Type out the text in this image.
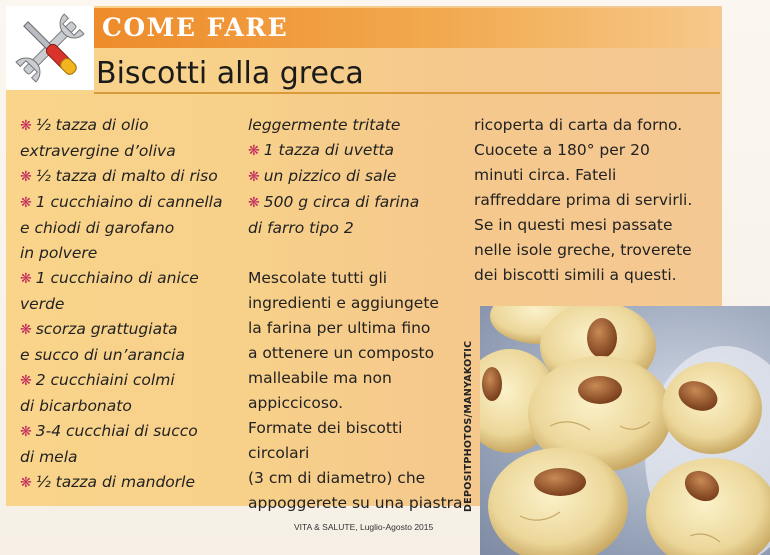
COME FARE
Biscotti alla greca
❋ ½ tazza di olio
extravergine d’oliva
❋ ½ tazza di malto di riso
❋ 1 cucchiaino di cannella
e chiodi di garofano
in polvere
❋ 1 cucchiaino di anice
verde
❋ scorza grattugiata
e succo di un’arancia
❋ 2 cucchiaini colmi
di bicarbonato
❋ 3-4 cucchiai di succo
di mela
❋ ½ tazza di mandorle
leggermente tritate
❋ 1 tazza di uvetta
❋ un pizzico di sale
❋ 500 g circa di farina
di farro tipo 2
Mescolate tutti gli
ingredienti e aggiungete
la farina per ultima fino
a ottenere un composto
malleabile ma non
appiccicoso.
Formate dei biscotti circolari
(3 cm di diametro) che
appoggerete su una piastra
ricoperta di carta da forno.
Cuocete a 180° per 20
minuti circa. Fateli
raffreddare prima di servirli.
Se in questi mesi passate
nelle isole greche, troverete
dei biscotti simili a questi.
DEPOSITPHOTOS/MANYAKOTIC
VITA & SALUTE, Luglio-Agosto 2015
